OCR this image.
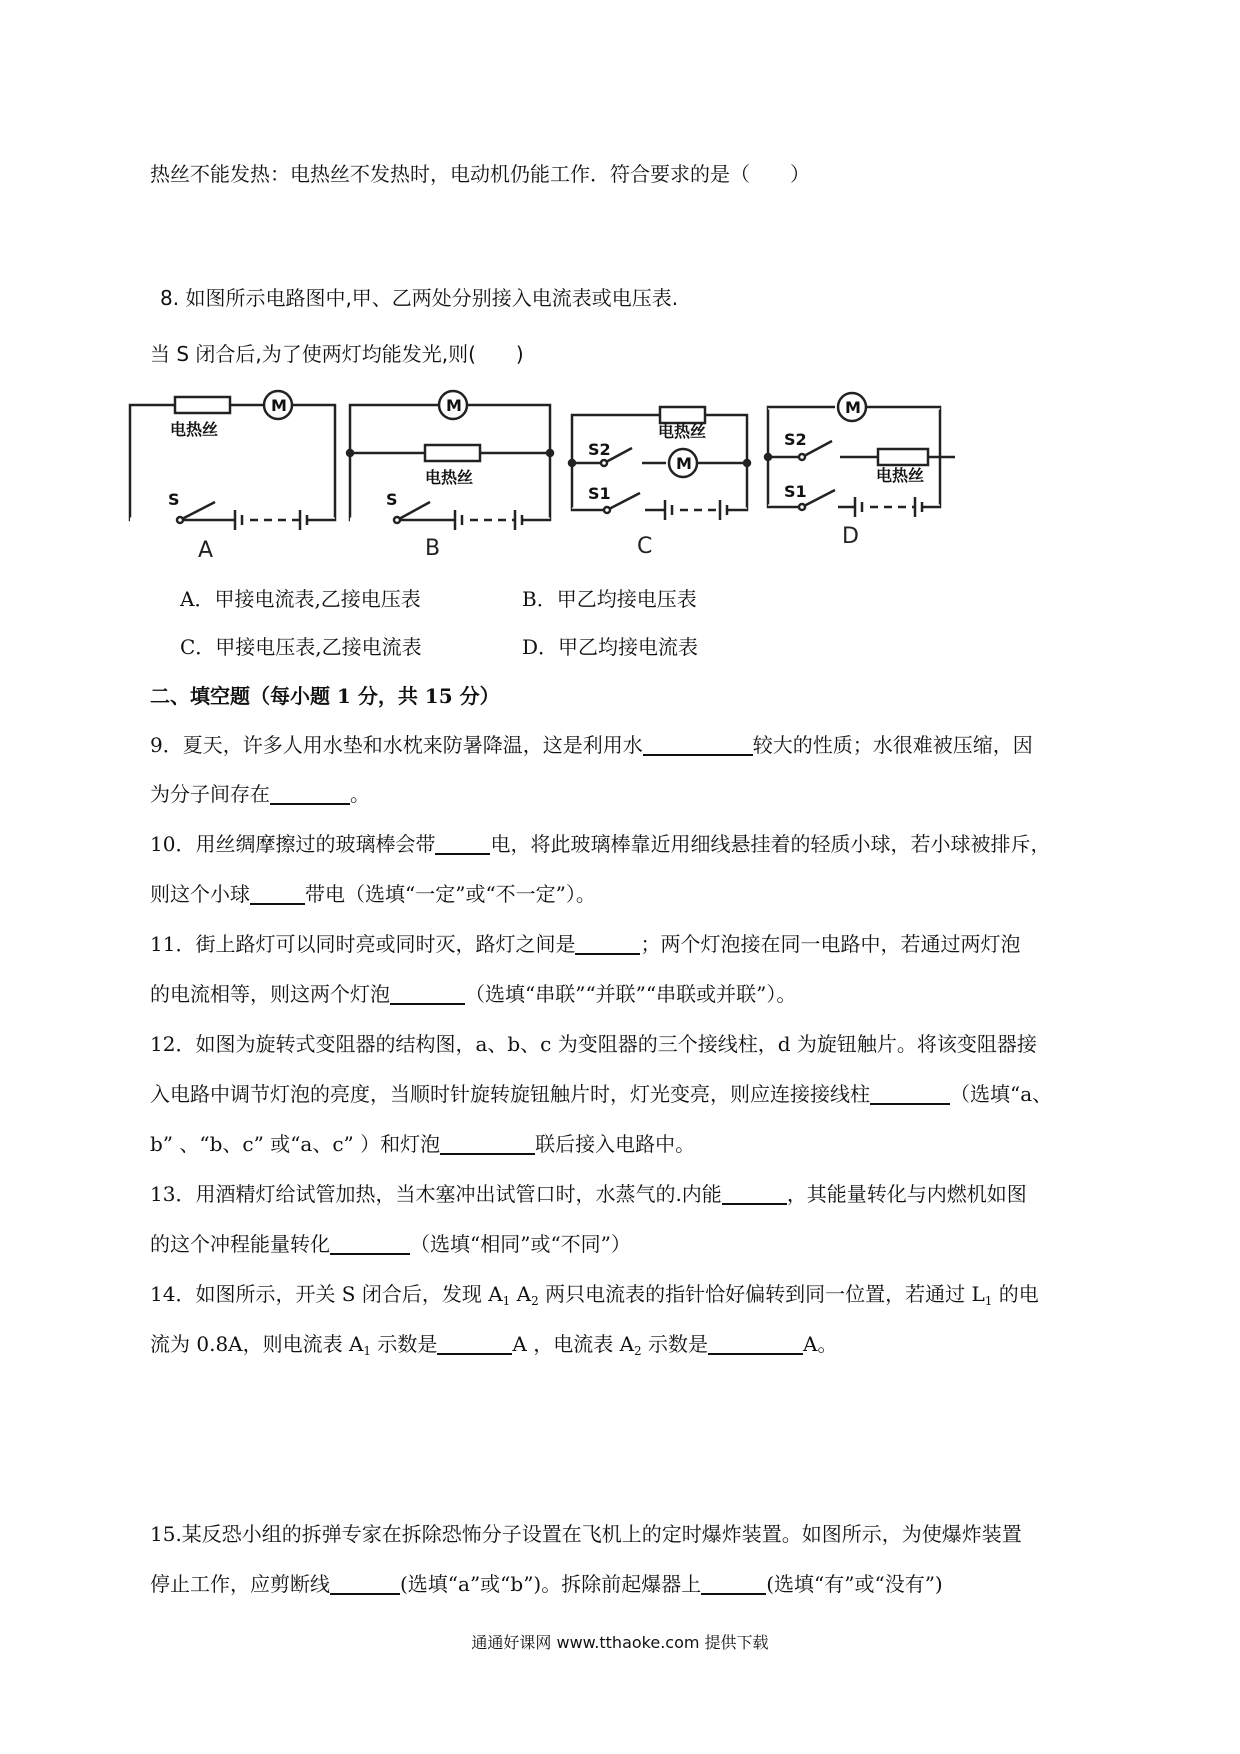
热丝不能发热：电热丝不发热时，电动机仍能工作．符合要求的是（　　）
8. 如图所示电路图中,甲、乙两处分别接入电流表或电压表.
当 S 闭合后,为了使两灯均能发光,则(　　)
电热丝
M
S
电热丝
M
S
电热丝
M
S2
S1
电热丝
M
S2
S1
A	B	C	D
A．甲接电流表,乙接电压表	B．甲乙均接电压表
C．甲接电压表,乙接电流表	D．甲乙均接电流表
二、填空题（每小题 1 分，共 15 分）
9．夏天，许多人用水垫和水枕来防暑降温，这是利用水	较大的性质；水很难被压缩，因
为分子间存在	。
10．用丝绸摩擦过的玻璃棒会带	电，将此玻璃棒靠近用细线悬挂着的轻质小球，若小球被排斥，
则这个小球	带电（选填“一定”或“不一定”）。
11．街上路灯可以同时亮或同时灭，路灯之间是	；两个灯泡接在同一电路中，若通过两灯泡
的电流相等，则这两个灯泡	（选填“串联”“并联”“串联或并联”）。
12．如图为旋转式变阻器的结构图，a、b、c 为变阻器的三个接线柱，d 为旋钮触片。将该变阻器接
入电路中调节灯泡的亮度，当顺时针旋转旋钮触片时，灯光变亮，则应连接接线柱	（选填“a、
b” 、“b、c” 或“a、c” ）和灯泡	联后接入电路中。
13．用酒精灯给试管加热，当木塞冲出试管口时，水蒸气的.内能	，其能量转化与内燃机如图
的这个冲程能量转化	（选填“相同”或“不同”）
14．如图所示，开关 S 闭合后，发现 $A_1$ $A_2$ 两只电流表的指针恰好偏转到同一位置，若通过 $L_1$ 的电
流为 0.8A，则电流表 $A_1$ 示数是	A ，电流表 $A_2$ 示数是	A。
15.某反恐小组的拆弹专家在拆除恐怖分子设置在飞机上的定时爆炸装置。如图所示，为使爆炸装置
停止工作，应剪断线	(选填“a”或“b”)。拆除前起爆器上	(选填“有”或“没有”)
通通好课网 www.tthaoke.com 提供下载
